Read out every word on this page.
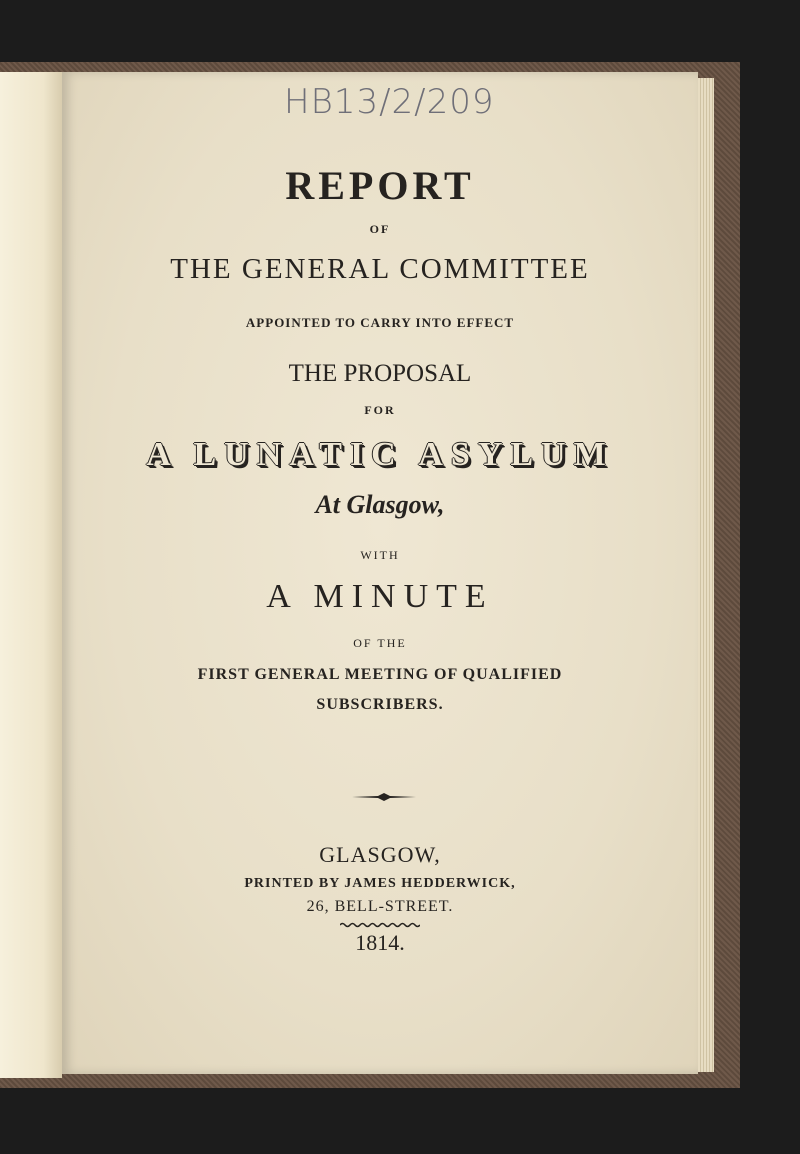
HB13/2/209
REPORT
OF
THE GENERAL COMMITTEE
APPOINTED TO CARRY INTO EFFECT
THE PROPOSAL
FOR
A LUNATIC ASYLUM
At Glasgow,
WITH
A MINUTE
OF THE
FIRST GENERAL MEETING OF QUALIFIED
SUBSCRIBERS.
GLASGOW,
PRINTED BY JAMES HEDDERWICK,
26, BELL-STREET.
1814.
